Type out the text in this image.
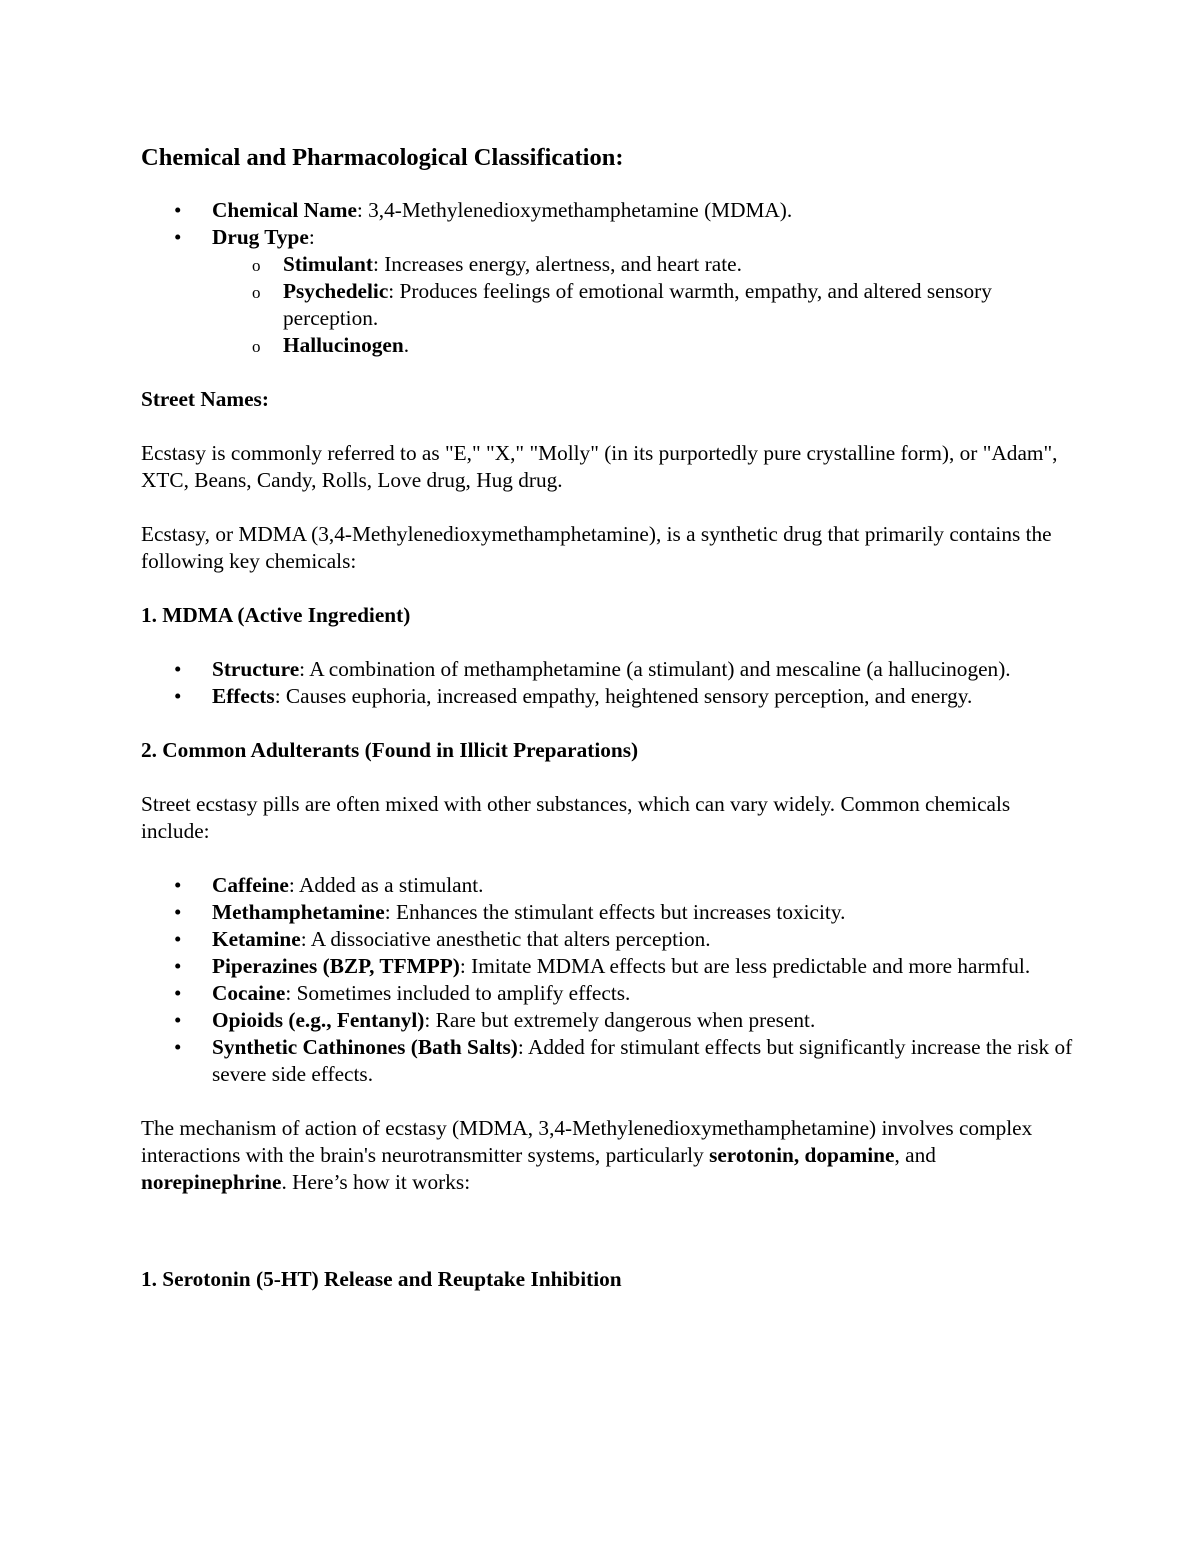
Chemical and Pharmacological Classification:
• Chemical Name: 3,4-Methylenedioxymethamphetamine (MDMA).
• Drug Type:
o Stimulant: Increases energy, alertness, and heart rate.
o Psychedelic: Produces feelings of emotional warmth, empathy, and altered sensory perception.
o Hallucinogen.

Street Names:

Ecstasy is commonly referred to as "E," "X," "Molly" (in its purportedly pure crystalline form), or "Adam", XTC, Beans, Candy, Rolls, Love drug, Hug drug.

Ecstasy, or MDMA (3,4-Methylenedioxymethamphetamine), is a synthetic drug that primarily contains the following key chemicals:

1. MDMA (Active Ingredient)

• Structure: A combination of methamphetamine (a stimulant) and mescaline (a hallucinogen).
• Effects: Causes euphoria, increased empathy, heightened sensory perception, and energy.

2. Common Adulterants (Found in Illicit Preparations)

Street ecstasy pills are often mixed with other substances, which can vary widely. Common chemicals include:

• Caffeine: Added as a stimulant.
• Methamphetamine: Enhances the stimulant effects but increases toxicity.
• Ketamine: A dissociative anesthetic that alters perception.
• Piperazines (BZP, TFMPP): Imitate MDMA effects but are less predictable and more harmful.
• Cocaine: Sometimes included to amplify effects.
• Opioids (e.g., Fentanyl): Rare but extremely dangerous when present.
• Synthetic Cathinones (Bath Salts): Added for stimulant effects but significantly increase the risk of severe side effects.

The mechanism of action of ecstasy (MDMA, 3,4-Methylenedioxymethamphetamine) involves complex interactions with the brain's neurotransmitter systems, particularly serotonin, dopamine, and norepinephrine. Here’s how it works:

1. Serotonin (5-HT) Release and Reuptake Inhibition
